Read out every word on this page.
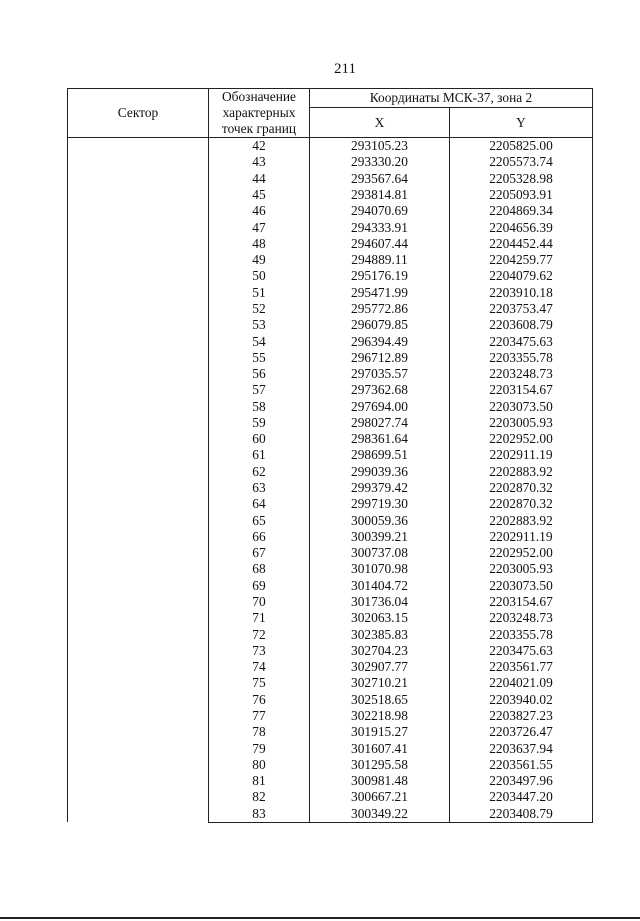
211
Сектор	Обозначение характерных точек границ	Координаты МСК-37, зона 2	
		X	Y
	42	293105.23	2205825.00
	43	293330.20	2205573.74
	44	293567.64	2205328.98
	45	293814.81	2205093.91
	46	294070.69	2204869.34
	47	294333.91	2204656.39
	48	294607.44	2204452.44
	49	294889.11	2204259.77
	50	295176.19	2204079.62
	51	295471.99	2203910.18
	52	295772.86	2203753.47
	53	296079.85	2203608.79
	54	296394.49	2203475.63
	55	296712.89	2203355.78
	56	297035.57	2203248.73
	57	297362.68	2203154.67
	58	297694.00	2203073.50
	59	298027.74	2203005.93
	60	298361.64	2202952.00
	61	298699.51	2202911.19
	62	299039.36	2202883.92
	63	299379.42	2202870.32
	64	299719.30	2202870.32
	65	300059.36	2202883.92
	66	300399.21	2202911.19
	67	300737.08	2202952.00
	68	301070.98	2203005.93
	69	301404.72	2203073.50
	70	301736.04	2203154.67
	71	302063.15	2203248.73
	72	302385.83	2203355.78
	73	302704.23	2203475.63
	74	302907.77	2203561.77
	75	302710.21	2204021.09
	76	302518.65	2203940.02
	77	302218.98	2203827.23
	78	301915.27	2203726.47
	79	301607.41	2203637.94
	80	301295.58	2203561.55
	81	300981.48	2203497.96
	82	300667.21	2203447.20
	83	300349.22	2203408.79
